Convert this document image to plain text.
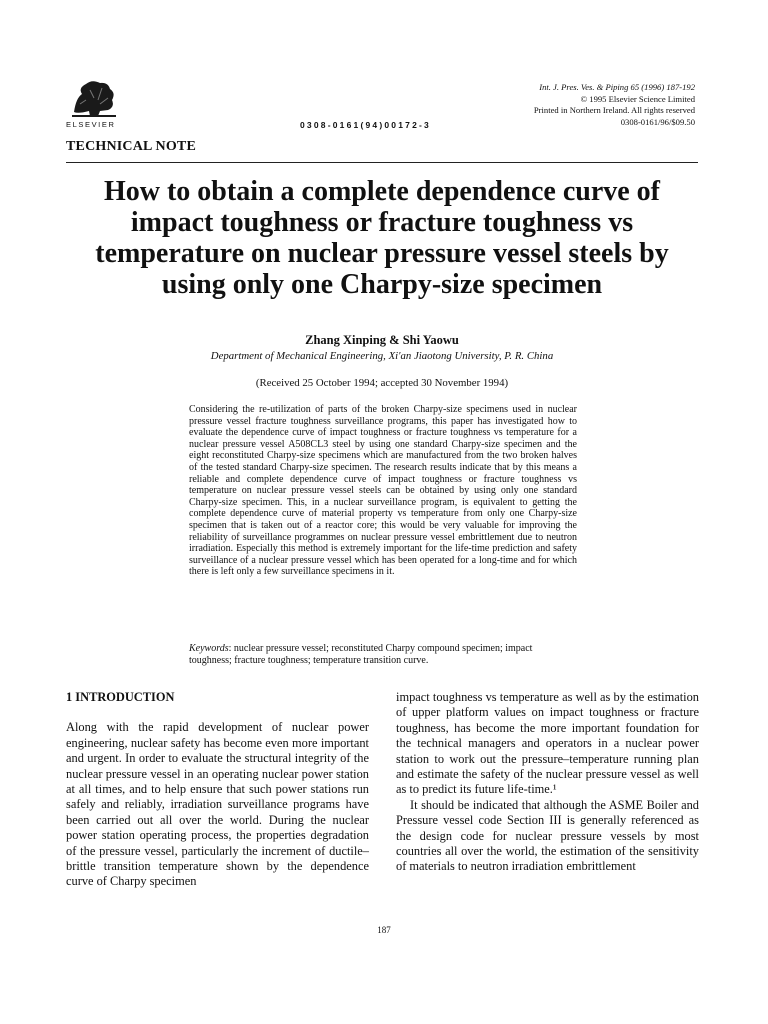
ELSEVIER	0308-0161(94)00172-3
Int. J. Pres. Ves. & Piping 65 (1996) 187-192
© 1995 Elsevier Science Limited
Printed in Northern Ireland. All rights reserved
0308-0161/96/$09.50
TECHNICAL NOTE
How to obtain a complete dependence curve of impact toughness or fracture toughness vs temperature on nuclear pressure vessel steels by using only one Charpy-size specimen
Zhang Xinping & Shi Yaowu
Department of Mechanical Engineering, Xi'an Jiaotong University, P. R. China
(Received 25 October 1994; accepted 30 November 1994)

Considering the re-utilization of parts of the broken Charpy-size specimens used in nuclear pressure vessel fracture toughness surveillance programs, this paper has investigated how to evaluate the dependence curve of impact toughness or fracture toughness vs temperature for a nuclear pressure vessel A508CL3 steel by using one standard Charpy-size specimen and the eight reconstituted Charpy-size specimens which are manufactured from the two broken halves of the tested standard Charpy-size specimen. The research results indicate that by this means a reliable and complete dependence curve of impact toughness or fracture toughness vs temperature on nuclear pressure vessel steels can be obtained by using only one standard Charpy-size specimen. This, in a nuclear surveillance program, is equivalent to getting the complete dependence curve of material property vs temperature from only one Charpy-size specimen that is taken out of a reactor core; this would be very valuable for improving the reliability of surveillance programmes on nuclear pressure vessel embrittlement due to neutron irradiation. Especially this method is extremely important for the life-time prediction and safety surveillance of a nuclear pressure vessel which has been operated for a long-time and for which there is left only a few surveillance specimens in it.

Keywords: nuclear pressure vessel; reconstituted Charpy compound specimen; impact toughness; fracture toughness; temperature transition curve.

1 INTRODUCTION

Along with the rapid development of nuclear power engineering, nuclear safety has become even more important and urgent. In order to evaluate the structural integrity of the nuclear pressure vessel in an operating nuclear power station at all times, and to help ensure that such power stations run safely and reliably, irradiation surveillance programs have been carried out all over the world. During the nuclear power station operating process, the properties degradation of the pressure vessel, particularly the increment of ductile–brittle transition temperature shown by the dependence curve of Charpy specimen

impact toughness vs temperature as well as by the estimation of upper platform values on impact toughness or fracture toughness, has become the more important foundation for the technical managers and operators in a nuclear power station to work out the pressure–temperature running plan and estimate the safety of the nuclear pressure vessel as well as to predict its future life-time.¹

It should be indicated that although the ASME Boiler and Pressure vessel code Section III is generally referenced as the design code for nuclear pressure vessels by most countries all over the world, the estimation of the sensitivity of materials to neutron irradiation embrittlement

187
